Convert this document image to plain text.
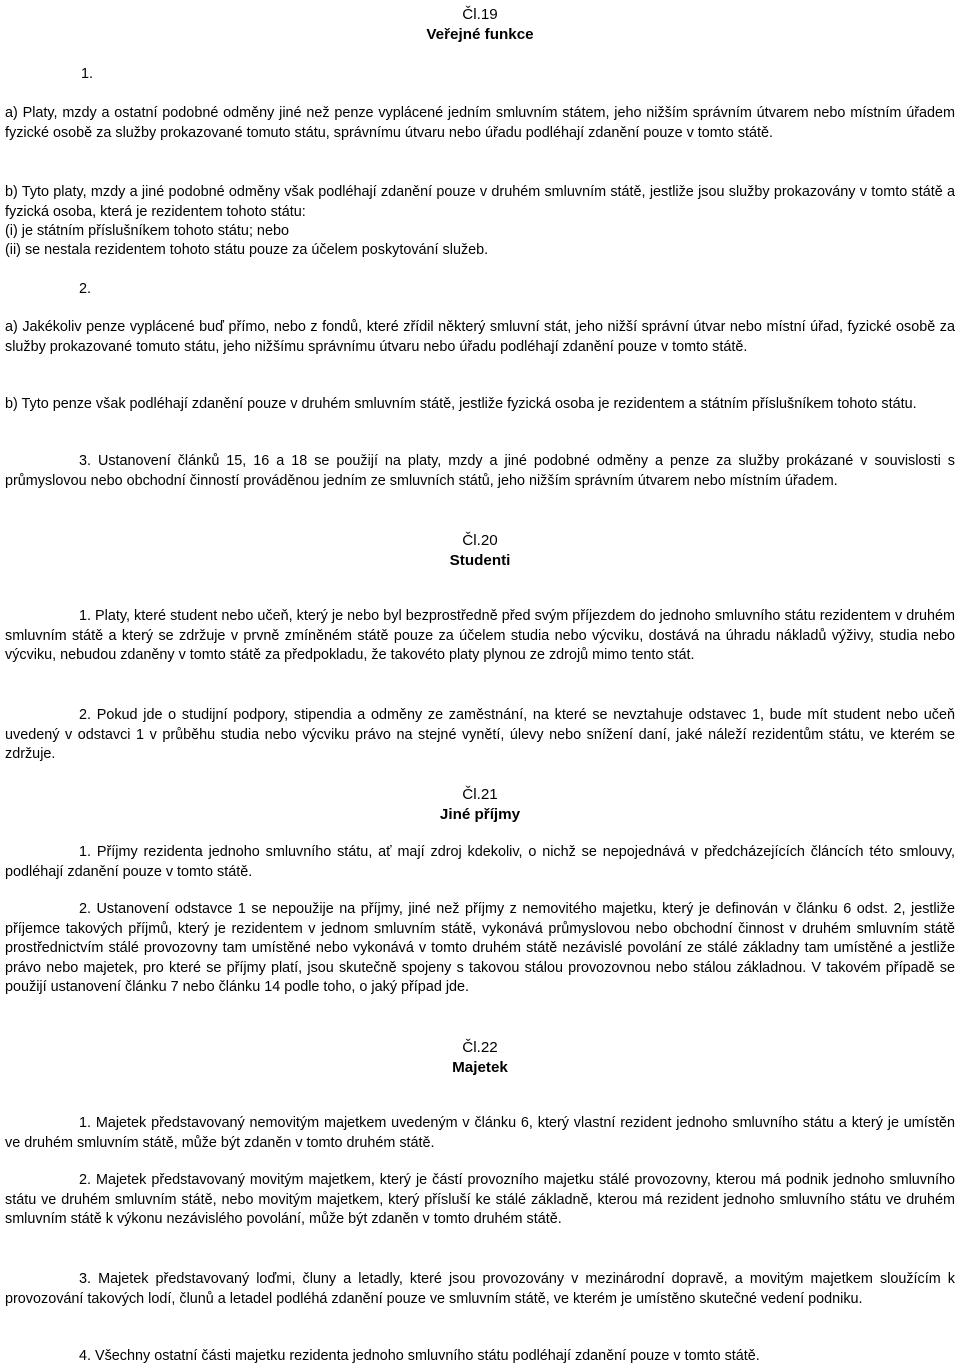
Čl.19

Veřejné funkce

1.

a) Platy, mzdy a ostatní podobné odměny jiné než penze vyplácené jedním smluvním státem, jeho nižším správním útvarem nebo místním úřadem fyzické osobě za služby prokazované tomuto státu, správnímu útvaru nebo úřadu podléhají zdanění pouze v tomto státě.

b) Tyto platy, mzdy a jiné podobné odměny však podléhají zdanění pouze v druhém smluvním státě, jestliže jsou služby prokazovány v tomto státě a fyzická osoba, která je rezidentem tohoto státu:

(i) je státním příslušníkem tohoto státu; nebo

(ii) se nestala rezidentem tohoto státu pouze za účelem poskytování služeb.

2.

a) Jakékoliv penze vyplácené buď přímo, nebo z fondů, které zřídil některý smluvní stát, jeho nižší správní útvar nebo místní úřad, fyzické osobě za služby prokazované tomuto státu, jeho nižšímu správnímu útvaru nebo úřadu podléhají zdanění pouze v tomto státě.

b) Tyto penze však podléhají zdanění pouze v druhém smluvním státě, jestliže fyzická osoba je rezidentem a státním příslušníkem tohoto státu.

3. Ustanovení článků 15, 16 a 18 se použijí na platy, mzdy a jiné podobné odměny a penze za služby prokázané v souvislosti s průmyslovou nebo obchodní činností prováděnou jedním ze smluvních států, jeho nižším správním útvarem nebo místním úřadem.

Čl.20

Studenti

1. Platy, které student nebo učeň, který je nebo byl bezprostředně před svým příjezdem do jednoho smluvního státu rezidentem v druhém smluvním státě a který se zdržuje v prvně zmíněném státě pouze za účelem studia nebo výcviku, dostává na úhradu nákladů výživy, studia nebo výcviku, nebudou zdaněny v tomto státě za předpokladu, že takovéto platy plynou ze zdrojů mimo tento stát.

2. Pokud jde o studijní podpory, stipendia a odměny ze zaměstnání, na které se nevztahuje odstavec 1, bude mít student nebo učeň uvedený v odstavci 1 v průběhu studia nebo výcviku právo na stejné vynětí, úlevy nebo snížení daní, jaké náleží rezidentům státu, ve kterém se zdržuje.

Čl.21

Jiné příjmy

1. Příjmy rezidenta jednoho smluvního státu, ať mají zdroj kdekoliv, o nichž se nepojednává v předcházejících článcích této smlouvy, podléhají zdanění pouze v tomto státě.

2. Ustanovení odstavce 1 se nepoužije na příjmy, jiné než příjmy z nemovitého majetku, který je definován v článku 6 odst. 2, jestliže příjemce takových příjmů, který je rezidentem v jednom smluvním státě, vykonává průmyslovou nebo obchodní činnost v druhém smluvním státě prostřednictvím stálé provozovny tam umístěné nebo vykonává v tomto druhém státě nezávislé povolání ze stálé základny tam umístěné a jestliže právo nebo majetek, pro které se příjmy platí, jsou skutečně spojeny s takovou stálou provozovnou nebo stálou základnou. V takovém případě se použijí ustanovení článku 7 nebo článku 14 podle toho, o jaký případ jde.

Čl.22

Majetek

1. Majetek představovaný nemovitým majetkem uvedeným v článku 6, který vlastní rezident jednoho smluvního státu a který je umístěn ve druhém smluvním státě, může být zdaněn v tomto druhém státě.

2. Majetek představovaný movitým majetkem, který je částí provozního majetku stálé provozovny, kterou má podnik jednoho smluvního státu ve druhém smluvním státě, nebo movitým majetkem, který přísluší ke stálé základně, kterou má rezident jednoho smluvního státu ve druhém smluvním státě k výkonu nezávislého povolání, může být zdaněn v tomto druhém státě.

3. Majetek představovaný loďmi, čluny a letadly, které jsou provozovány v mezinárodní dopravě, a movitým majetkem sloužícím k provozování takových lodí, člunů a letadel podléhá zdanění pouze ve smluvním státě, ve kterém je umístěno skutečné vedení podniku.

4. Všechny ostatní části majetku rezidenta jednoho smluvního státu podléhají zdanění pouze v tomto státě.
